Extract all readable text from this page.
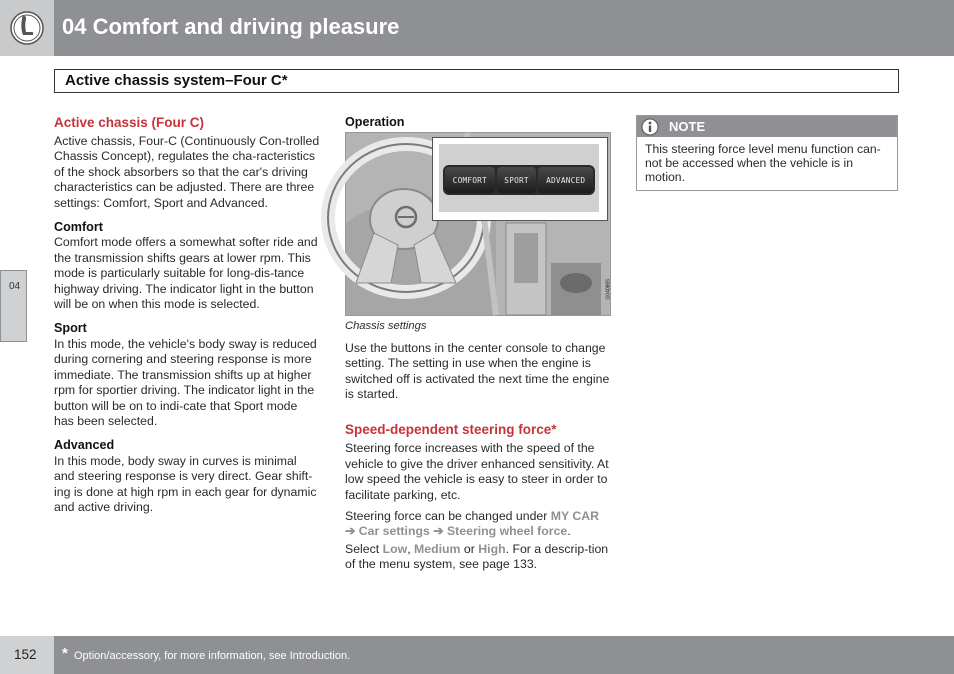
04 Comfort and driving pleasure
Active chassis system–Four C*
04
Active chassis (Four C)

Active chassis, Four-C (Continuously Con-trolled Chassis Concept), regulates the cha-racteristics of the shock absorbers so that the car's driving characteristics can be adjusted. There are three settings: Comfort, Sport and Advanced.

Comfort

Comfort mode offers a somewhat softer ride and the transmission shifts gears at lower rpm. This mode is particularly suitable for long-dis-tance highway driving. The indicator light in the button will be on when this mode is selected.

Sport

In this mode, the vehicle's body sway is reduced during cornering and steering response is more immediate. The transmission shifts up at higher rpm for sportier driving. The indicator light in the button will be on to indi-cate that Sport mode has been selected.

Advanced

In this mode, body sway in curves is minimal and steering response is very direct. Gear shift-ing is done at high rpm in each gear for dynamic and active driving.

Operation
COMFORT	SPORT	ADVANCED
G040865
Chassis settings

Use the buttons in the center console to change setting. The setting in use when the engine is switched off is activated the next time the engine is started.

Speed-dependent steering force*

Steering force increases with the speed of the vehicle to give the driver enhanced sensitivity. At low speed the vehicle is easy to steer in order to facilitate parking, etc.

Steering force can be changed under MY CAR
➔ Car settings ➔ Steering wheel force.

Select Low, Medium or High. For a descrip-tion of the menu system, see page 133.

NOTE
This steering force level menu function can-not be accessed when the vehicle is in motion.
152 * Option/accessory, for more information, see Introduction.
